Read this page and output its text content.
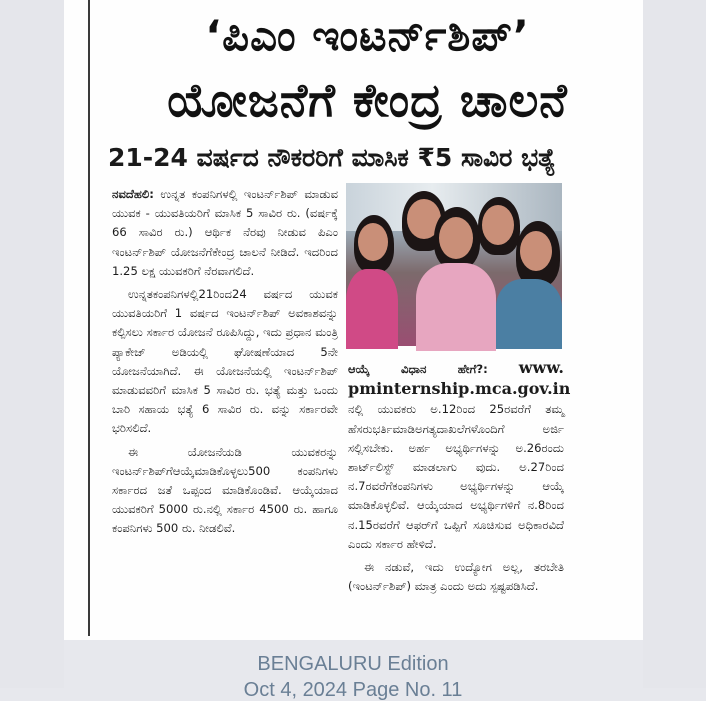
‘ಪಿಎಂ ಇಂಟರ್ನ್‌ಶಿಪ್’
ಯೋಜನೆಗೆ ಕೇಂದ್ರ ಚಾಲನೆ
21-24 ವರ್ಷದ ನೌಕರರಿಗೆ ಮಾಸಿಕ ₹5 ಸಾವಿರ ಭತ್ಯೆ

ನವದೆಹಲಿ: ಉನ್ನತ ಕಂಪನಿಗಳಲ್ಲಿ ಇಂಟರ್ನ್‌ಶಿಪ್ ಮಾಡುವ ಯುವಕ - ಯುವತಿಯರಿಗೆ ಮಾಸಿಕ 5 ಸಾವಿರ ರು. (ವರ್ಷಕ್ಕೆ 66 ಸಾವಿರ ರು.) ಆರ್ಥಿಕ ನೆರವು ನೀಡುವ ಪಿಎಂ ಇಂಟರ್ನ್‌ಶಿಪ್ ಯೋಜನೆಗೆಕೇಂದ್ರ ಚಾಲನೆ ನೀಡಿದೆ. ಇದರಿಂದ 1.25 ಲಕ್ಷ ಯುವಕರಿಗೆ ನೆರವಾಗಲಿದೆ.

ಉನ್ನತಕಂಪನಿಗಳಲ್ಲಿ21ರಿಂದ24 ವರ್ಷದ ಯುವಕ ಯುವತಿಯರಿಗೆ 1 ವರ್ಷದ ಇಂಟರ್ನ್‌ಶಿಪ್ ಅವಕಾಶವನ್ನು ಕಲ್ಪಿಸಲು ಸರ್ಕಾರ ಯೋಜನೆ ರೂಪಿಸಿದ್ದು, ಇದು ಪ್ರಧಾನ ಮಂತ್ರಿ ಪ್ಯಾಕೇಜ್ ಅಡಿಯಲ್ಲಿ ಘೋಷಣೆಯಾದ 5ನೇ ಯೋಜನೆಯಾಗಿದೆ. ಈ ಯೋಜನೆಯಲ್ಲಿ ಇಂಟರ್ನ್‌ಶಿಪ್ ಮಾಡುವವರಿಗೆ ಮಾಸಿಕ 5 ಸಾವಿರ ರು. ಭತ್ಯೆ ಮತ್ತು ಒಂದು ಬಾರಿ ಸಹಾಯ ಭತ್ಯೆ 6 ಸಾವಿರ ರು. ವನ್ನು ಸರ್ಕಾರವೇ ಭರಿಸಲಿದೆ.

ಈ ಯೋಜನೆಯಡಿ ಯುವಕರನ್ನು ಇಂಟರ್ನ್‌ಶಿಪ್‌ಗೆಆಯ್ಕೆಮಾಡಿಕೊಳ್ಳಲು500 ಕಂಪನಿಗಳು ಸರ್ಕಾರದ ಜತೆ ಒಪ್ಪಂದ ಮಾಡಿಕೊಂಡಿವೆ. ಆಯ್ಕೆಯಾದ ಯುವಕರಿಗೆ 5000 ರು.ನಲ್ಲಿ ಸರ್ಕಾರ 4500 ರು. ಹಾಗೂ ಕಂಪನಿಗಳು 500 ರು. ನೀಡಲಿವೆ.

ಆಯ್ಕೆ ವಿಧಾನ ಹೇಗೆ?: www. pminternship.mca.gov.in ನಲ್ಲಿ ಯುವಕರು ಅ.12ರಿಂದ 25ರವರೆಗೆ ತಮ್ಮ ಹೆಸರುಭರ್ತಿಮಾಡಿಅಗತ್ಯದಾಖಲೆಗಳೊಂದಿಗೆ ಅರ್ಜಿ ಸಲ್ಲಿಸಬೇಕು. ಅರ್ಹ ಅಭ್ಯರ್ಥಿಗಳನ್ನು ಅ.26ರಂದು ಶಾರ್ಟ್‌ಲಿಸ್ಟ್ ಮಾಡಲಾಗು ವುದು. ಅ.27ರಿಂದ ನ.7ರವರೆಗೆಕಂಪನಿಗಳು ಅಭ್ಯರ್ಥಿಗಳನ್ನು ಆಯ್ಕೆ ಮಾಡಿಕೊಳ್ಳಲಿವೆ. ಆಯ್ಕೆಯಾದ ಅಭ್ಯರ್ಥಿಗಳಿಗೆ ನ.8ರಿಂದ ನ.15ರವರೆಗೆ ಆಫರ್‌ಗೆ ಒಪ್ಪಿಗೆ ಸೂಚಿಸುವ ಅಧಿಕಾರವಿದೆ ಎಂದು ಸರ್ಕಾರ ಹೇಳಿದೆ.

ಈ ನಡುವೆ, ಇದು ಉದ್ಯೋಗ ಅಲ್ಲ, ತರಬೇತಿ (ಇಂಟರ್ನ್‌ಶಿಪ್) ಮಾತ್ರ ಎಂದು ಅದು ಸ್ಪಷ್ಟಪಡಿಸಿದೆ.

BENGALURU Edition
Oct 4, 2024 Page No. 11
